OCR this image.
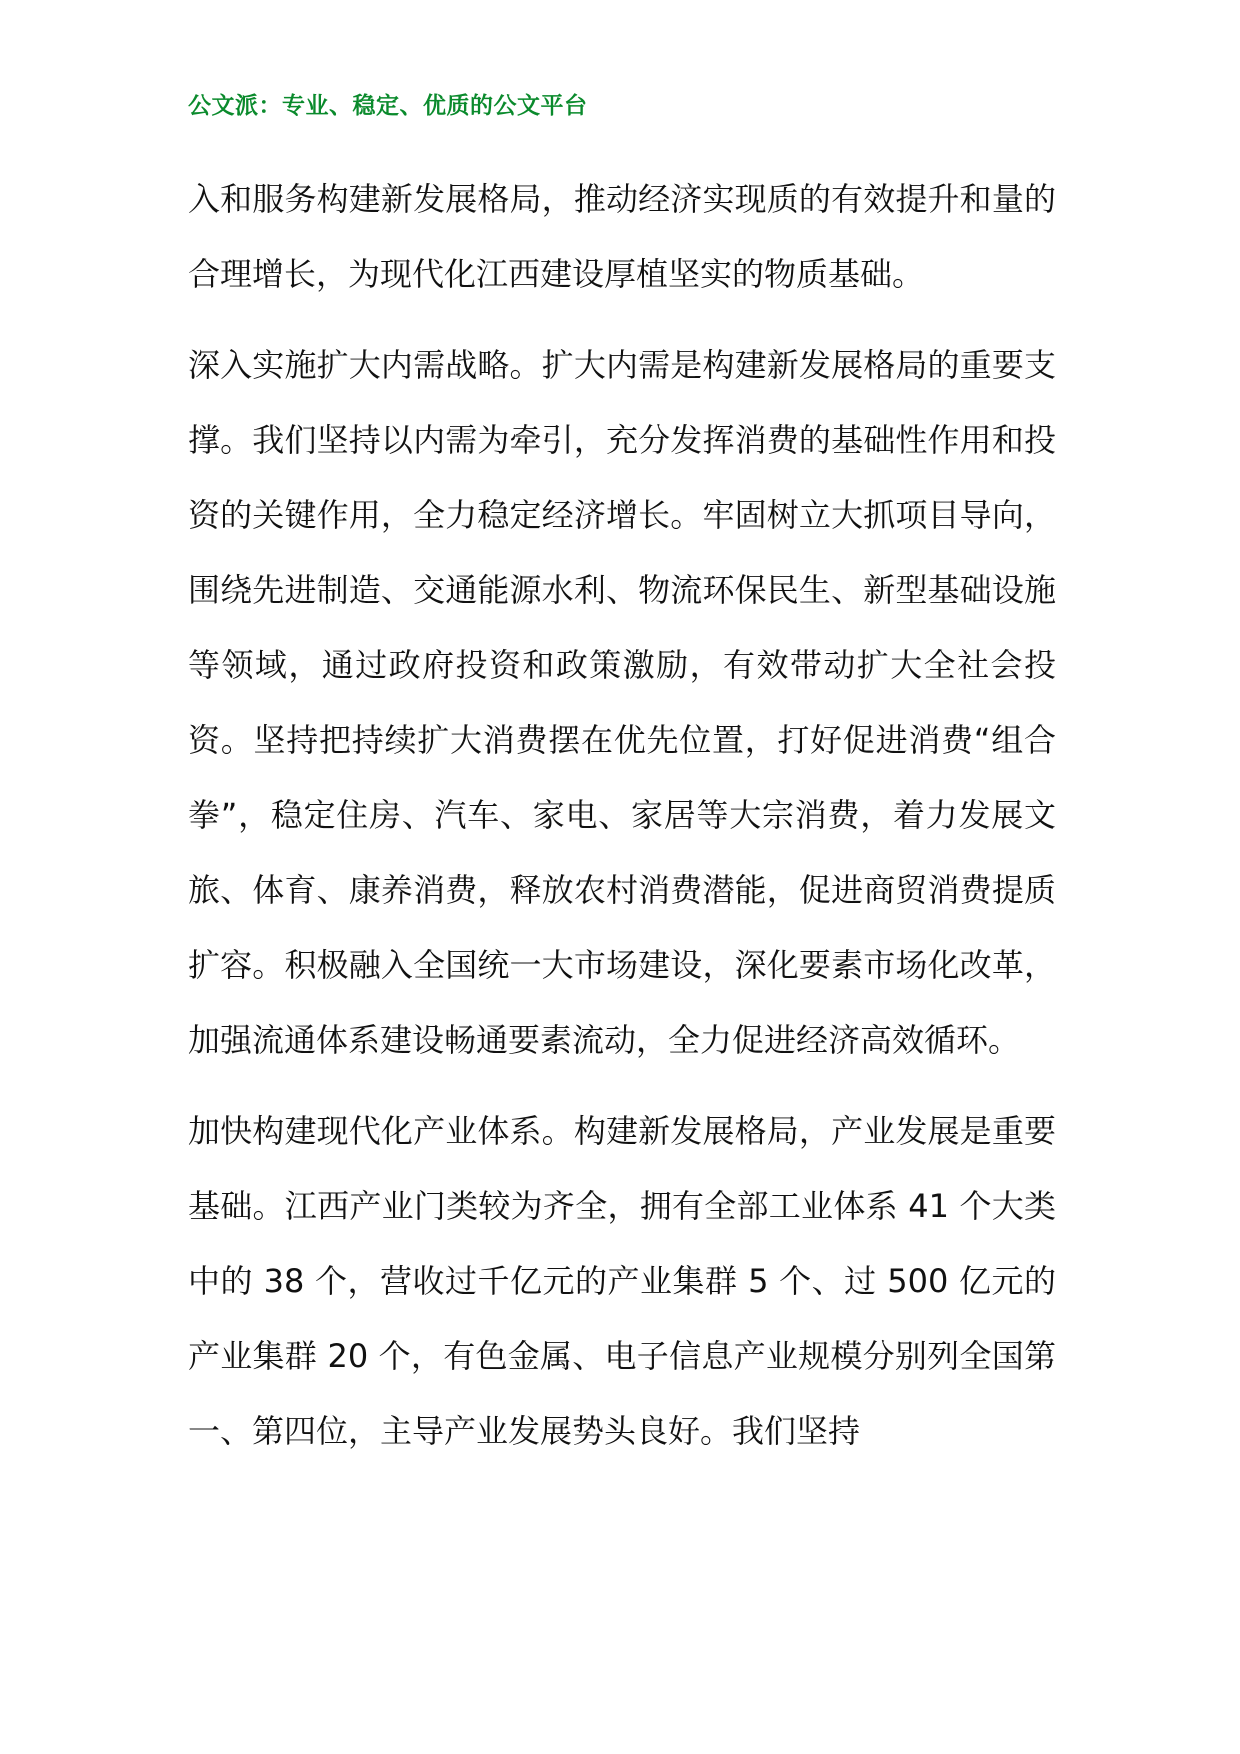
公文派：专业、稳定、优质的公文平台

入和服务构建新发展格局，推动经济实现质的有效提升和量的合理增长，为现代化江西建设厚植坚实的物质基础。

深入实施扩大内需战略。扩大内需是构建新发展格局的重要支撑。我们坚持以内需为牵引，充分发挥消费的基础性作用和投资的关键作用，全力稳定经济增长。牢固树立大抓项目导向，围绕先进制造、交通能源水利、物流环保民生、新型基础设施等领域，通过政府投资和政策激励，有效带动扩大全社会投资。坚持把持续扩大消费摆在优先位置，打好促进消费“组合拳”，稳定住房、汽车、家电、家居等大宗消费，着力发展文旅、体育、康养消费，释放农村消费潜能，促进商贸消费提质扩容。积极融入全国统一大市场建设，深化要素市场化改革，加强流通体系建设畅通要素流动，全力促进经济高效循环。

加快构建现代化产业体系。构建新发展格局，产业发展是重要基础。江西产业门类较为齐全，拥有全部工业体系 41 个大类中的 38 个，营收过千亿元的产业集群 5 个、过 500 亿元的产业集群 20 个，有色金属、电子信息产业规模分别列全国第一、第四位，主导产业发展势头良好。我们坚持
